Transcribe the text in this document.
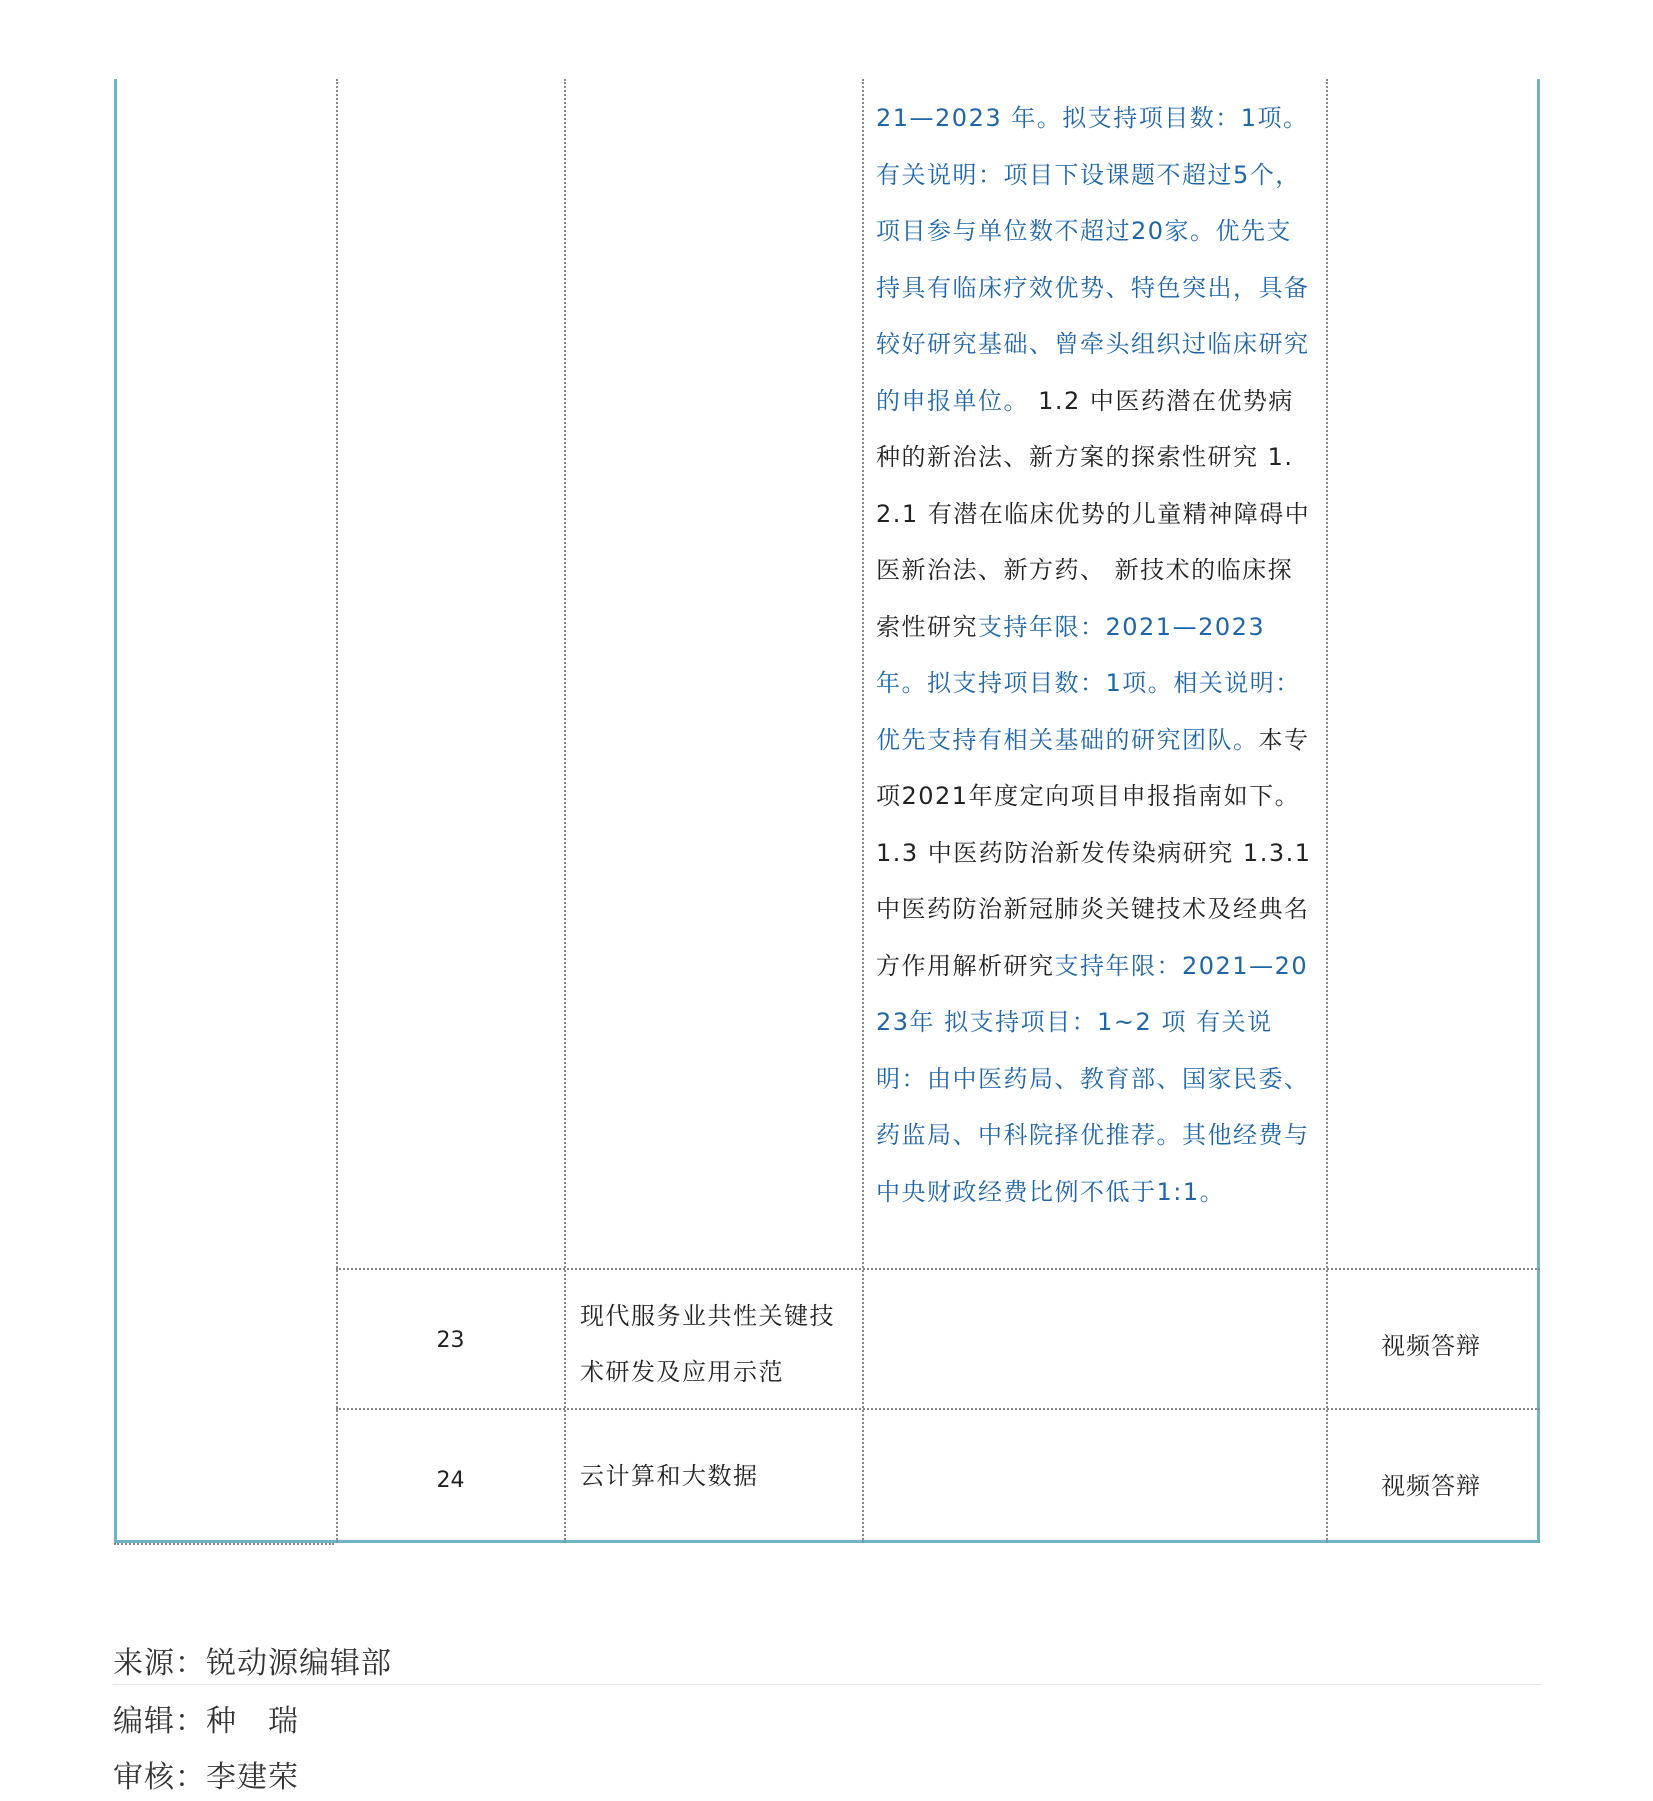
21—2023 年。拟支持项目数：1项。有关说明：项目下设课题不超过5个，项目参与单位数不超过20家。优先支持具有临床疗效优势、特色突出，具备较好研究基础、曾牵头组织过临床研究的申报单位。 1.2 中医药潜在优势病种的新治法、新方案的探索性研究 1.2.1 有潜在临床优势的儿童精神障碍中医新治法、新方药、 新技术的临床探索性研究支持年限：2021—2023 年。拟支持项目数：1项。相关说明：优先支持有相关基础的研究团队。本专项2021年度定向项目申报指南如下。1.3 中医药防治新发传染病研究 1.3.1 中医药防治新冠肺炎关键技术及经典名方作用解析研究支持年限：2021—2023年 拟支持项目：1~2 项 有关说明：由中医药局、教育部、国家民委、药监局、中科院择优推荐。其他经费与中央财政经费比例不低于1:1。
23
现代服务业共性关键技术研发及应用示范
视频答辩
24	云计算和大数据	视频答辩
来源：锐动源编辑部
编辑：种　瑞
审核：李建荣
